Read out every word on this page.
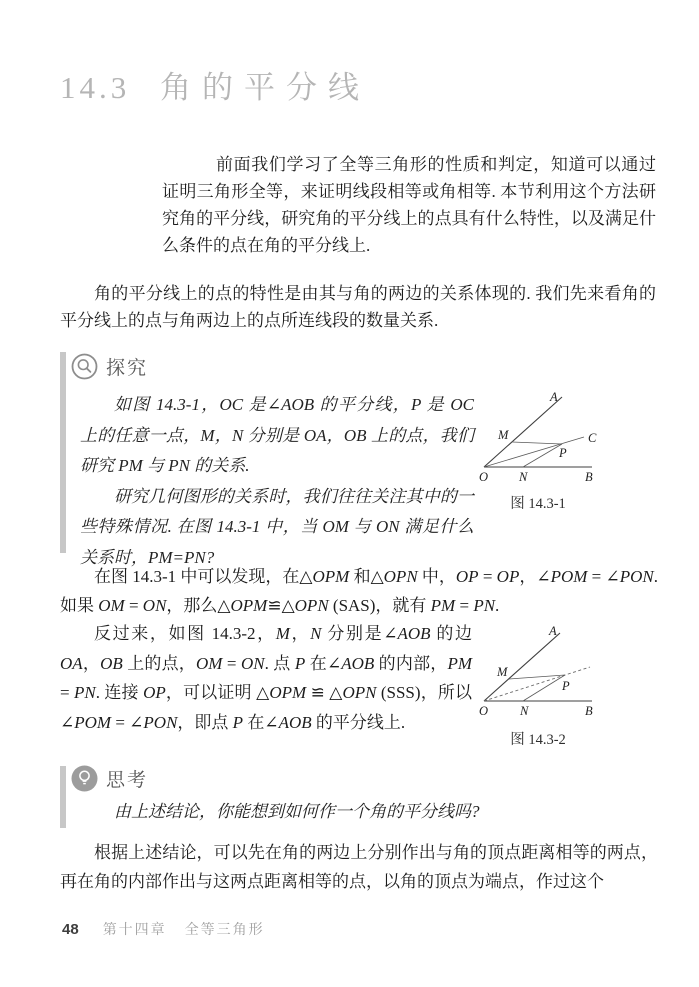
14.3 角的平分线

前面我们学习了全等三角形的性质和判定，知道可以通过证明三角形全等，来证明线段相等或角相等. 本节利用这个方法研究角的平分线，研究角的平分线上的点具有什么特性，以及满足什么条件的点在角的平分线上.

角的平分线上的点的特性是由其与角的两边的关系体现的. 我们先来看角的平分线上的点与角两边上的点所连线段的数量关系.

探究

如图 14.3-1，OC 是∠AOB 的平分线，P 是 OC 上的任意一点，M，N 分别是 OA，OB 上的点，我们研究 PM 与 PN 的关系.

研究几何图形的关系时，我们往往关注其中的一些特殊情况. 在图 14.3-1 中，当 OM 与 ON 满足什么关系时，PM=PN?

A
M	C
P
O N	B
图 14.3-1

在图 14.3-1 中可以发现，在△OPM 和△OPN 中，OP = OP，∠POM = ∠PON. 如果 OM = ON，那么△OPM≌△OPN (SAS)，就有 PM = PN.

反过来，如图 14.3-2，M，N 分别是∠AOB 的边 OA，OB 上的点，OM = ON. 点 P 在∠AOB 的内部，PM = PN. 连接 OP，可以证明 △OPM ≌ △OPN (SSS)，所以∠POM = ∠PON，即点 P 在∠AOB 的平分线上.

A
M
P
O	N	B
图 14.3-2
思考

由上述结论，你能想到如何作一个角的平分线吗?

根据上述结论，可以先在角的两边上分别作出与角的顶点距离相等的两点，再在角的内部作出与这两点距离相等的点，以角的顶点为端点，作过这个

48 第十四章 全等三角形
